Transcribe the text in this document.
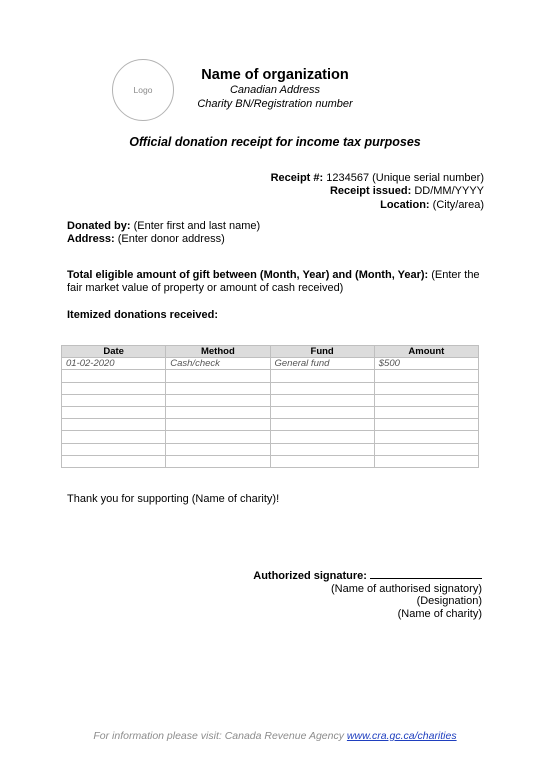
Logo
Name of organization
Canadian Address
Charity BN/Registration number
Official donation receipt for income tax purposes
Receipt #: 1234567 (Unique serial number)
Receipt issued: DD/MM/YYYY
Location: (City/area)
Donated by: (Enter first and last name)
Address: (Enter donor address)
Total eligible amount of gift between (Month, Year) and (Month, Year): (Enter the fair market value of property or amount of cash received)
Itemized donations received:
Date	Method	Fund	Amount
01-02-2020	Cash/check	General fund	$500

Thank you for supporting (Name of charity)!
Authorized signature:
(Name of authorised signatory)
(Designation)
(Name of charity)
For information please visit: Canada Revenue Agency www.cra.gc.ca/charities
